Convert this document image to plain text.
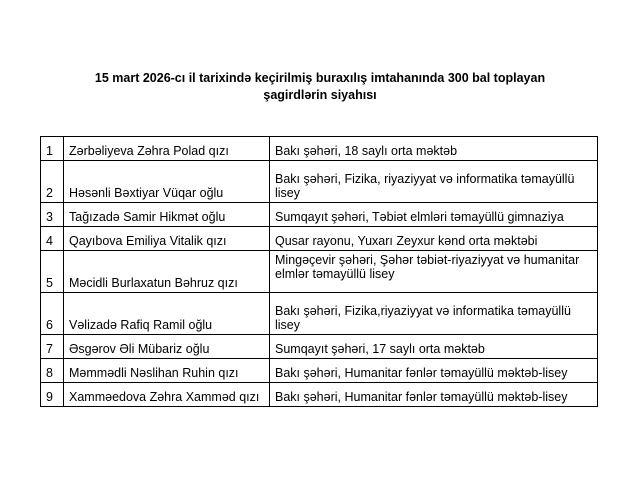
15 mart 2026-cı il tarixində keçirilmiş buraxılış imtahanında 300 bal toplayan
şagirdlərin siyahısı
1	Zərbəliyeva Zəhra Polad qızı	Bakı şəhəri, 18 saylı orta məktəb
2	Həsənli Bəxtiyar Vüqar oğlu	Bakı şəhəri, Fizika, riyaziyyat və informatika təmayüllü lisey
3	Tağızadə Samir Hikmət oğlu	Sumqayıt şəhəri, Təbiət elmləri təmayüllü gimnaziya
4	Qayıbova Emiliya Vitalik qızı	Qusar rayonu, Yuxarı Zeyxur kənd orta məktəbi
5	Məcidli Burlaxatun Bəhruz qızı	Mingəçevir şəhəri, Şəhər təbiət-riyaziyyat və humanitar elmlər təmayüllü lisey
6	Vəlizadə Rafiq Ramil oğlu	Bakı şəhəri, Fizika,riyaziyyat və informatika təmayüllü lisey
7	Əsgərov Əli Mübariz oğlu	Sumqayıt şəhəri, 17 saylı orta məktəb
8	Məmmədli Nəslihan Ruhin qızı	Bakı şəhəri, Humanitar fənlər təmayüllü məktəb-lisey
9	Xamməedova Zəhra Xamməd qızı	Bakı şəhəri, Humanitar fənlər təmayüllü məktəb-lisey
